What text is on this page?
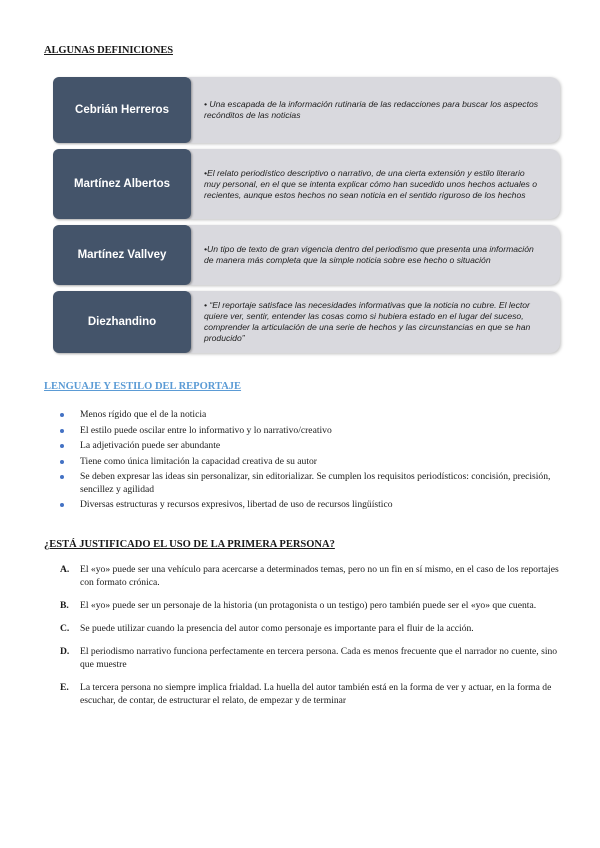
ALGUNAS DEFINICIONES
Cebrián Herreros	• Una escapada de la información rutinaria de las redacciones para buscar los aspectos recónditos de las noticias
Martínez Albertos
•El relato periodístico descriptivo o narrativo, de una cierta extensión y estilo literario muy personal, en el que se intenta explicar cómo han sucedido unos hechos actuales o recientes, aunque estos hechos no sean noticia en el sentido riguroso de los hechos
Martínez Vallvey	•Un tipo de texto de gran vigencia dentro del periodismo que presenta una información de manera más completa que la simple noticia sobre ese hecho o situación
Diezhandino
• “El reportaje satisface las necesidades informativas que la noticia no cubre. El lector quiere ver, sentir, entender las cosas como si hubiera estado en el lugar del suceso, comprender la articulación de una serie de hechos y las circunstancias en que se han producido”
LENGUAJE Y ESTILO DEL REPORTAJE
Menos rígido que el de la noticia
El estilo puede oscilar entre lo informativo y lo narrativo/creativo
La adjetivación puede ser abundante
Tiene como única limitación la capacidad creativa de su autor
Se deben expresar las ideas sin personalizar, sin editorializar. Se cumplen los requisitos periodísticos: concisión, precisión, sencillez y agilidad
Diversas estructuras y recursos expresivos, libertad de uso de recursos lingüístico
¿ESTÁ JUSTIFICADO EL USO DE LA PRIMERA PERSONA?
A. El «yo» puede ser una vehículo para acercarse a determinados temas, pero no un fin en sí mismo, en el caso de los reportajes con formato crónica.
B. El «yo» puede ser un personaje de la historia (un protagonista o un testigo) pero también puede ser el «yo» que cuenta.
C. Se puede utilizar cuando la presencia del autor como personaje es importante para el fluir de la acción.
D. El periodismo narrativo funciona perfectamente en tercera persona. Cada es menos frecuente que el narrador no cuente, sino que muestre
E. La tercera persona no siempre implica frialdad. La huella del autor también está en la forma de ver y actuar, en la forma de escuchar, de contar, de estructurar el relato, de empezar y de terminar
